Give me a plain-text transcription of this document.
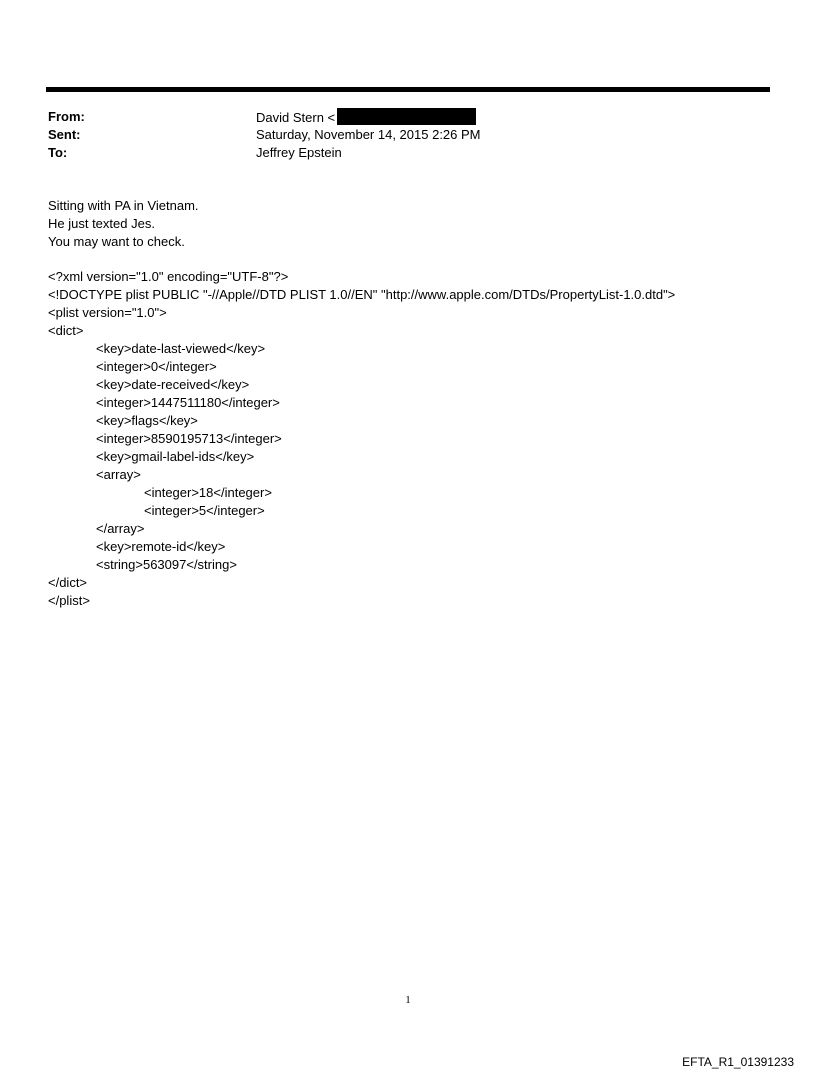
From:	David Stern <
Sent:	Saturday, November 14, 2015 2:26 PM
To:	Jeffrey Epstein
Sitting with PA in Vietnam.
He just texted Jes.
You may want to check.
<?xml version="1.0" encoding="UTF-8"?>
<!DOCTYPE plist PUBLIC "-//Apple//DTD PLIST 1.0//EN" "http://www.apple.com/DTDs/PropertyList-1.0.dtd">
<plist version="1.0">
<dict>
<key>date-last-viewed</key>
<integer>0</integer>
<key>date-received</key>
<integer>1447511180</integer>
<key>flags</key>
<integer>8590195713</integer>
<key>gmail-label-ids</key>
<array>
<integer>18</integer>
<integer>5</integer>
</array>
<key>remote-id</key>
<string>563097</string>
</dict>
</plist>
1
EFTA_R1_01391233
